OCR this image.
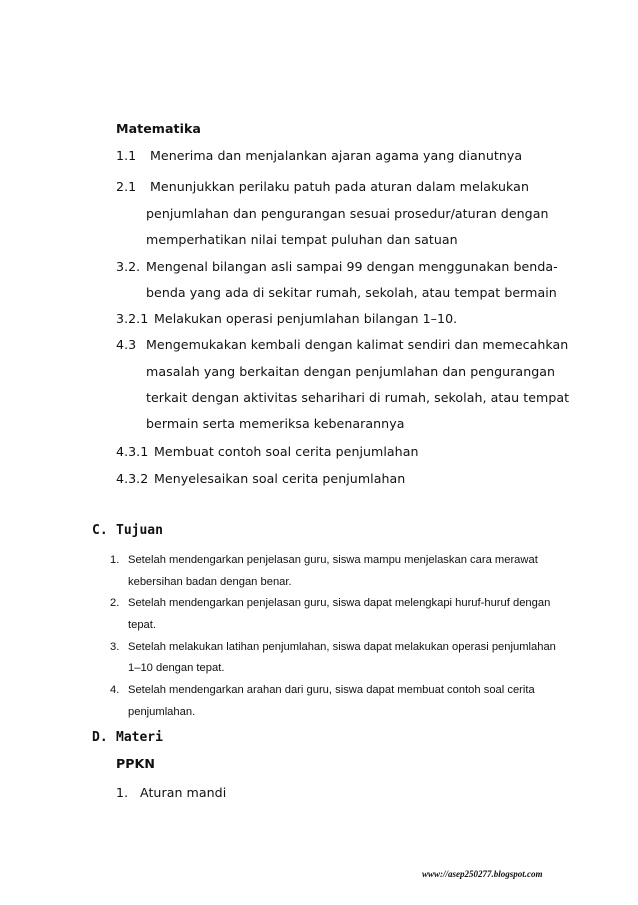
Matematika
1.1 Menerima dan menjalankan ajaran agama yang dianutnya
2.1 Menunjukkan perilaku patuh pada aturan dalam melakukan
penjumlahan dan pengurangan sesuai prosedur/aturan dengan
memperhatikan nilai tempat puluhan dan satuan
3.2. Mengenal bilangan asli sampai 99 dengan menggunakan benda-
benda yang ada di sekitar rumah, sekolah, atau tempat bermain
3.2.1 Melakukan operasi penjumlahan bilangan 1–10.
4.3 Mengemukakan kembali dengan kalimat sendiri dan memecahkan
masalah yang berkaitan dengan penjumlahan dan pengurangan
terkait dengan aktivitas seharihari di rumah, sekolah, atau tempat
bermain serta memeriksa kebenarannya
4.3.1 Membuat contoh soal cerita penjumlahan
4.3.2 Menyelesaikan soal cerita penjumlahan
C. Tujuan
1. Setelah mendengarkan penjelasan guru, siswa mampu menjelaskan cara merawat
kebersihan badan dengan benar.
2. Setelah mendengarkan penjelasan guru, siswa dapat melengkapi huruf-huruf dengan
tepat.
3. Setelah melakukan latihan penjumlahan, siswa dapat melakukan operasi penjumlahan
1–10 dengan tepat.
4. Setelah mendengarkan arahan dari guru, siswa dapat membuat contoh soal cerita
penjumlahan.
D. Materi
PPKN
1. Aturan mandi
www://asep250277.blogspot.com
